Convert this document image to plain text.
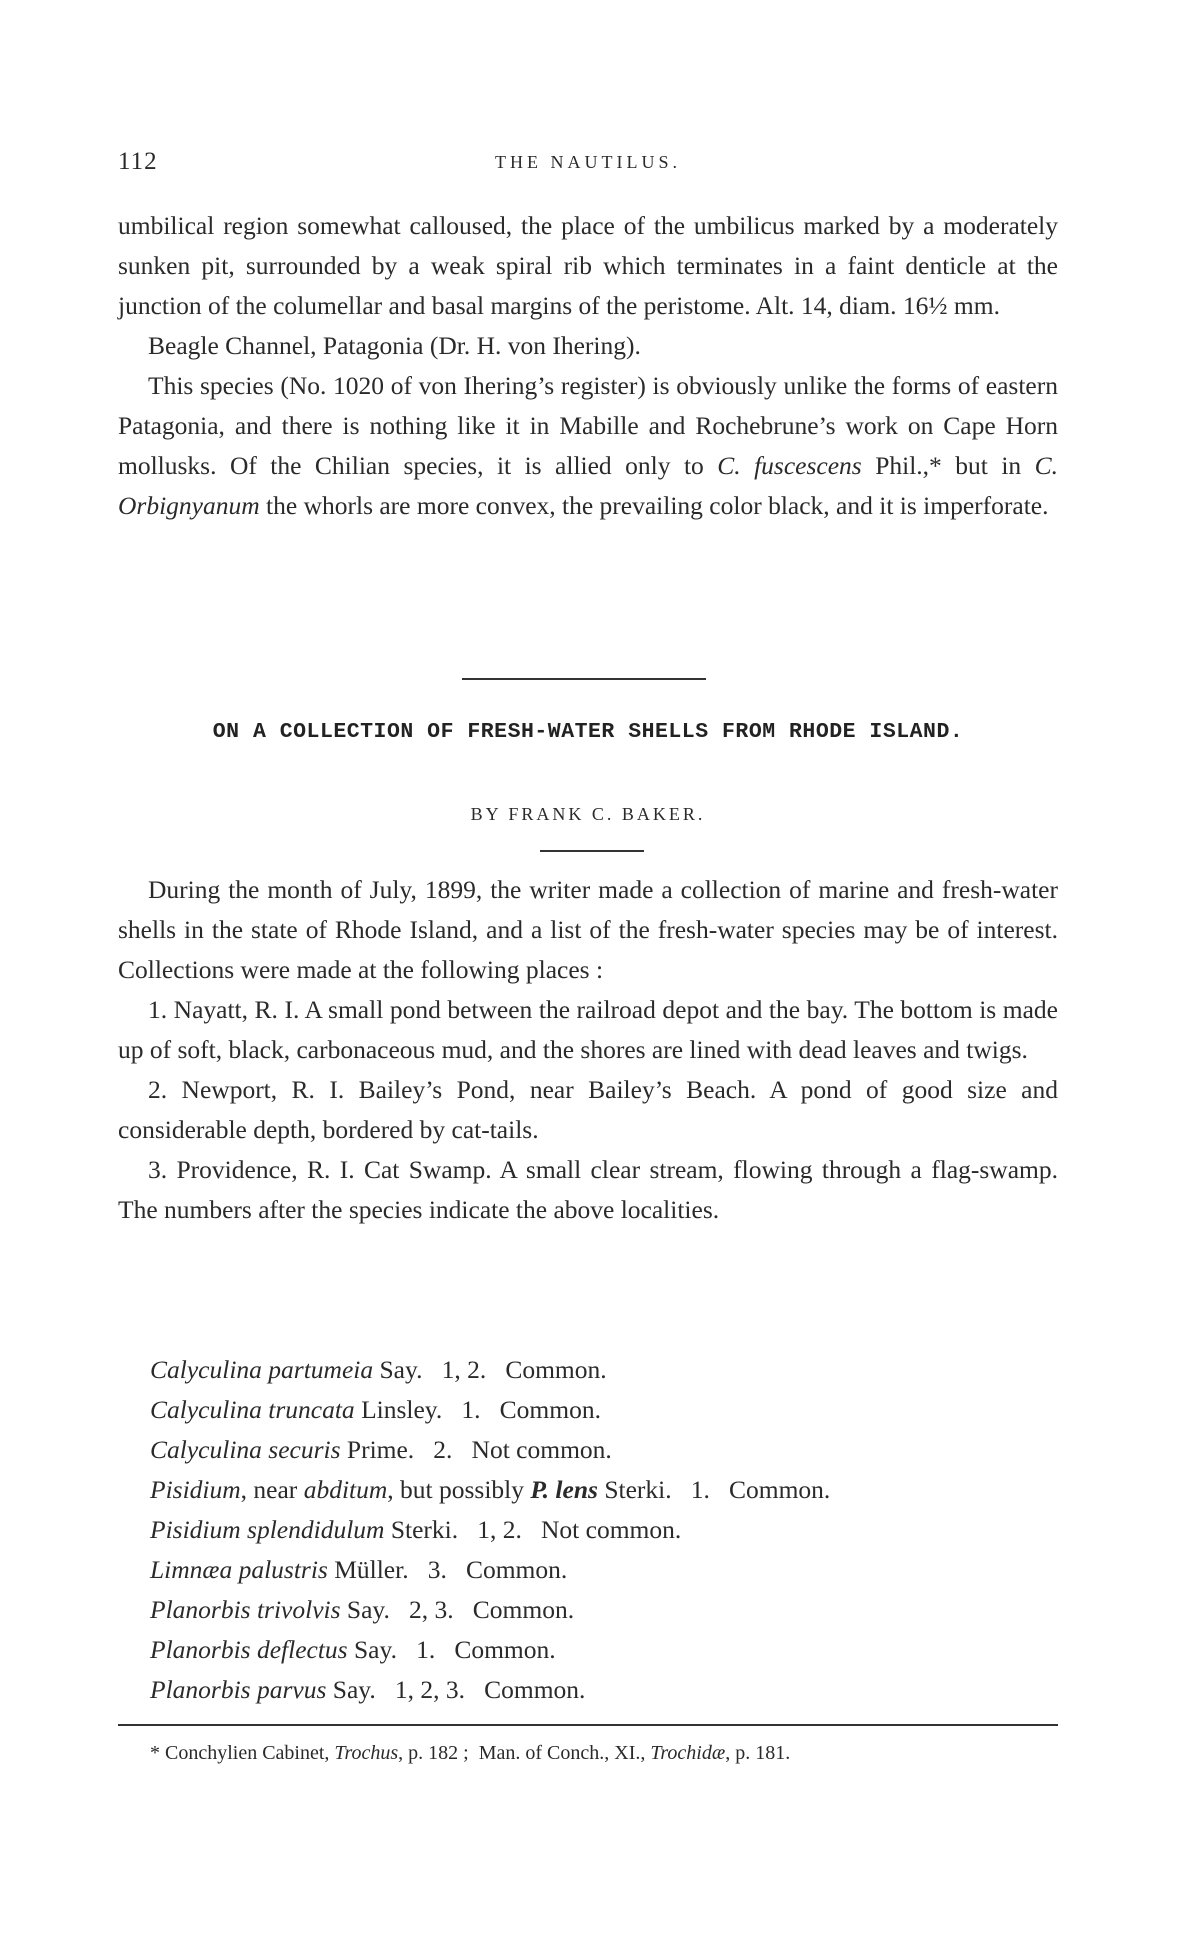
112	THE NAUTILUS.

umbilical region somewhat calloused, the place of the umbilicus marked by a moderately sunken pit, surrounded by a weak spiral rib which terminates in a faint denticle at the junction of the columellar and basal margins of the peristome. Alt. 14, diam. 16½ mm.

Beagle Channel, Patagonia (Dr. H. von Ihering).

This species (No. 1020 of von Ihering’s register) is obviously unlike the forms of eastern Patagonia, and there is nothing like it in Mabille and Rochebrune’s work on Cape Horn mollusks. Of the Chilian species, it is allied only to C. fuscescens Phil.,* but in C. Orbignyanum the whorls are more convex, the prevailing color black, and it is imperforate.

ON A COLLECTION OF FRESH-WATER SHELLS FROM RHODE ISLAND.
BY FRANK C. BAKER.

During the month of July, 1899, the writer made a collection of marine and fresh-water shells in the state of Rhode Island, and a list of the fresh-water species may be of interest. Collections were made at the following places :

1. Nayatt, R. I. A small pond between the railroad depot and the bay. The bottom is made up of soft, black, carbonaceous mud, and the shores are lined with dead leaves and twigs.

2. Newport, R. I. Bailey’s Pond, near Bailey’s Beach. A pond of good size and considerable depth, bordered by cat-tails.

3. Providence, R. I. Cat Swamp. A small clear stream, flowing through a flag-swamp. The numbers after the species indicate the above localities.

Calyculina partumeia Say.   1, 2.   Common.
Calyculina truncata Linsley.   1.   Common.
Calyculina securis Prime.   2.   Not common.
Pisidium, near abditum, but possibly P. lens Sterki.   1.   Common.
Pisidium splendidulum Sterki.   1, 2.   Not common.
Limnæa palustris Müller.   3.   Common.
Planorbis trivolvis Say.   2, 3.   Common.
Planorbis deflectus Say.   1.   Common.
Planorbis parvus Say.   1, 2, 3.   Common.
* Conchylien Cabinet, Trochus, p. 182 ;  Man. of Conch., XI., Trochidæ, p. 181.
